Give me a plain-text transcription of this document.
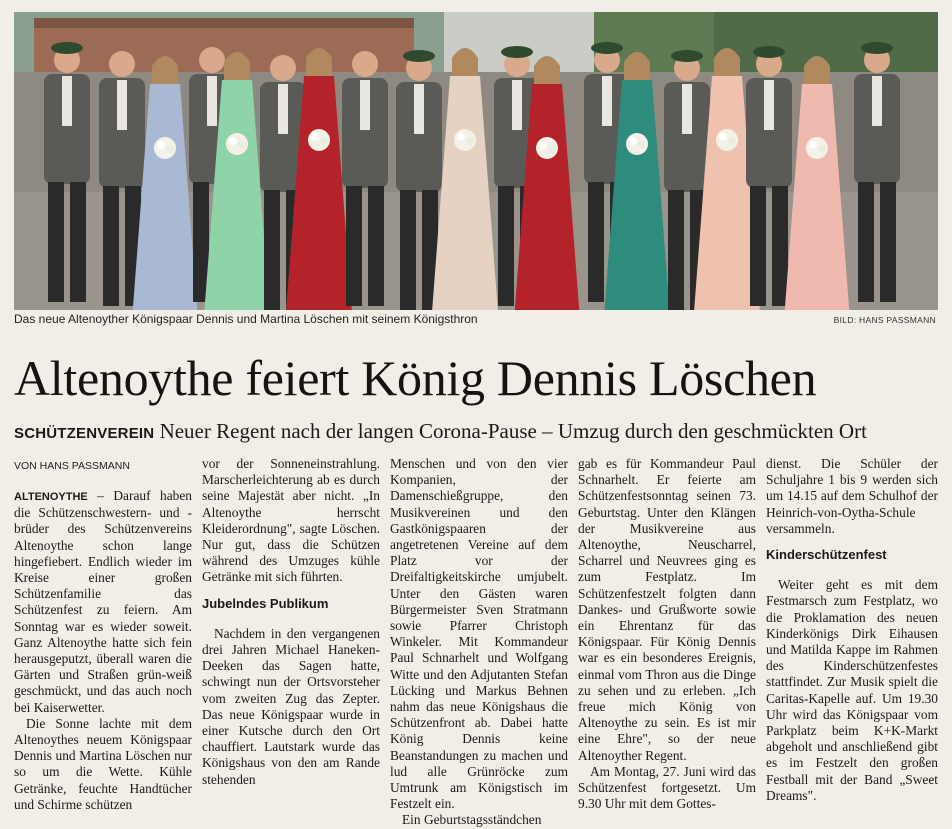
Das neue Altenoyther Königspaar Dennis und Martina Löschen mit seinem Königsthron	BILD: HANS PASSMANN
Altenoythe feiert König Dennis Löschen
SCHÜTZENVEREIN Neuer Regent nach der langen Corona-Pause – Umzug durch den geschmückten Ort
VON HANS PASSMANN

ALTENOYTHE – Darauf haben die Schützenschwestern- und -brüder des Schützenvereins Altenoythe schon lange hingefiebert. Endlich wieder im Kreise einer großen Schützenfamilie das Schützenfest zu feiern. Am Sonntag war es wieder soweit. Ganz Altenoythe hatte sich fein herausgeputzt, überall waren die Gärten und Straßen grün-weiß geschmückt, und das auch noch bei Kaiserwetter.

Die Sonne lachte mit dem Altenoythes neuem Königspaar Dennis und Martina Löschen nur so um die Wette. Kühle Getränke, feuchte Handtücher und Schirme schützen

vor der Sonneneinstrahlung. Marscherleichterung ab es durch seine Majestät aber nicht. „In Altenoythe herrscht Kleiderordnung", sagte Löschen. Nur gut, dass die Schützen während des Umzuges kühle Getränke mit sich führten.

Jubelndes Publikum

Nachdem in den vergangenen drei Jahren Michael Haneken-Deeken das Sagen hatte, schwingt nun der Ortsvorsteher vom zweiten Zug das Zepter. Das neue Königspaar wurde in einer Kutsche durch den Ort chauffiert. Lautstark wurde das Königshaus von den am Rande stehenden

Menschen und von den vier Kompanien, der Damenschießgruppe, den Musikvereinen und den Gastkönigspaaren der angetretenen Vereine auf dem Platz vor der Dreifaltigkeitskirche umjubelt. Unter den Gästen waren Bürgermeister Sven Stratmann sowie Pfarrer Christoph Winkeler. Mit Kommandeur Paul Schnarhelt und Wolfgang Witte und den Adjutanten Stefan Lücking und Markus Behnen nahm das neue Königshaus die Schützenfront ab. Dabei hatte König Dennis keine Beanstandungen zu machen und lud alle Grünröcke zum Umtrunk am Königstisch im Festzelt ein.

Ein Geburtstagsständchen

gab es für Kommandeur Paul Schnarhelt. Er feierte am Schützenfestsonntag seinen 73. Geburtstag. Unter den Klängen der Musikvereine aus Altenoythe, Neuscharrel, Scharrel und Neuvrees ging es zum Festplatz. Im Schützenfestzelt folgten dann Dankes- und Grußworte sowie ein Ehrentanz für das Königspaar. Für König Dennis war es ein besonderes Ereignis, einmal vom Thron aus die Dinge zu sehen und zu erleben. „Ich freue mich König von Altenoythe zu sein. Es ist mir eine Ehre", so der neue Altenoyther Regent.

Am Montag, 27. Juni wird das Schützenfest fortgesetzt. Um 9.30 Uhr mit dem Gottes-

dienst. Die Schüler der Schuljahre 1 bis 9 werden sich um 14.15 auf dem Schulhof der Heinrich-von-Oytha-Schule versammeln.

Kinderschützenfest

Weiter geht es mit dem Festmarsch zum Festplatz, wo die Proklamation des neuen Kinderkönigs Dirk Eihausen und Matilda Kappe im Rahmen des Kinderschützenfestes stattfindet. Zur Musik spielt die Caritas-Kapelle auf. Um 19.30 Uhr wird das Königspaar vom Parkplatz beim K+K-Markt abgeholt und anschließend gibt es im Festzelt den großen Festball mit der Band „Sweet Dreams".
